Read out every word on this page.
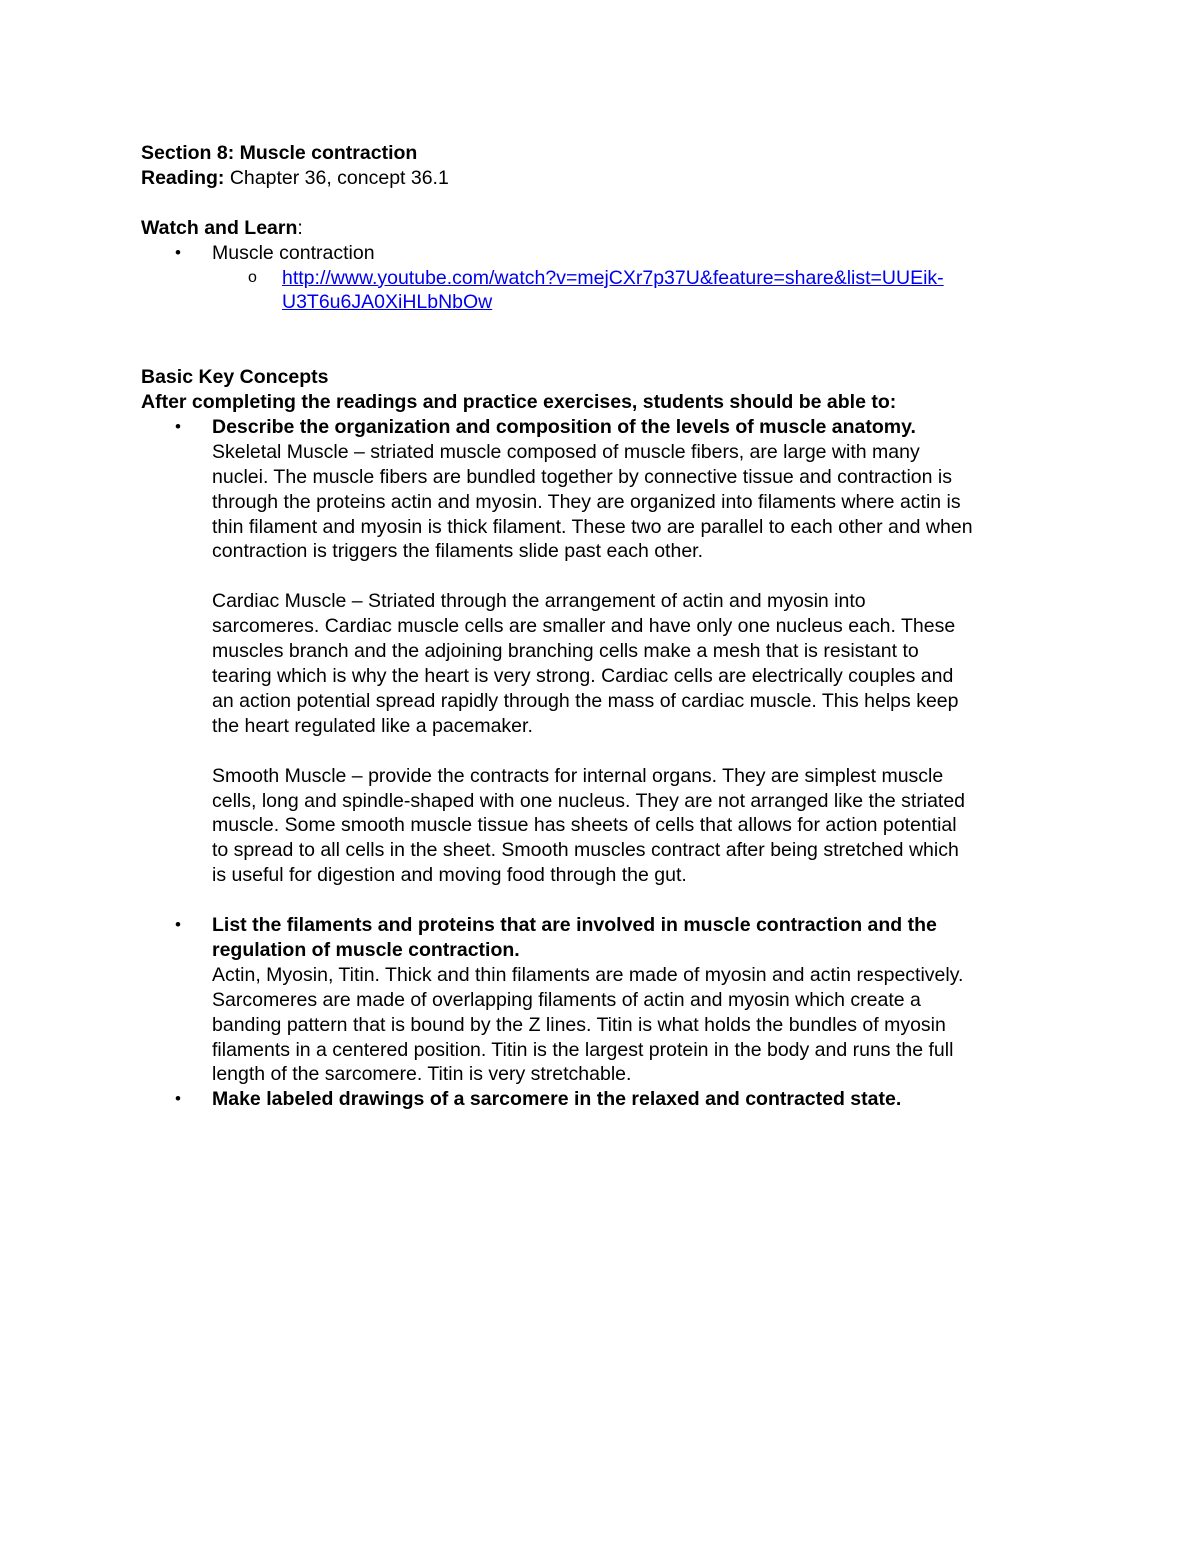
Section 8: Muscle contraction
Reading: Chapter 36, concept 36.1
Watch and Learn:
• Muscle contraction
o http://www.youtube.com/watch?v=mejCXr7p37U&feature=share&list=UUEik-
U3T6u6JA0XiHLbNbOw
Basic Key Concepts
After completing the readings and practice exercises, students should be able to:
• Describe the organization and composition of the levels of muscle anatomy.
Skeletal Muscle – striated muscle composed of muscle fibers, are large with many
nuclei. The muscle fibers are bundled together by connective tissue and contraction is
through the proteins actin and myosin. They are organized into filaments where actin is
thin filament and myosin is thick filament. These two are parallel to each other and when
contraction is triggers the filaments slide past each other.
Cardiac Muscle – Striated through the arrangement of actin and myosin into
sarcomeres. Cardiac muscle cells are smaller and have only one nucleus each. These
muscles branch and the adjoining branching cells make a mesh that is resistant to
tearing which is why the heart is very strong. Cardiac cells are electrically couples and
an action potential spread rapidly through the mass of cardiac muscle. This helps keep
the heart regulated like a pacemaker.
Smooth Muscle – provide the contracts for internal organs. They are simplest muscle
cells, long and spindle-shaped with one nucleus. They are not arranged like the striated
muscle. Some smooth muscle tissue has sheets of cells that allows for action potential
to spread to all cells in the sheet. Smooth muscles contract after being stretched which
is useful for digestion and moving food through the gut.
• List the filaments and proteins that are involved in muscle contraction and the
regulation of muscle contraction.
Actin, Myosin, Titin. Thick and thin filaments are made of myosin and actin respectively.
Sarcomeres are made of overlapping filaments of actin and myosin which create a
banding pattern that is bound by the Z lines. Titin is what holds the bundles of myosin
filaments in a centered position. Titin is the largest protein in the body and runs the full
length of the sarcomere. Titin is very stretchable.
• Make labeled drawings of a sarcomere in the relaxed and contracted state.
